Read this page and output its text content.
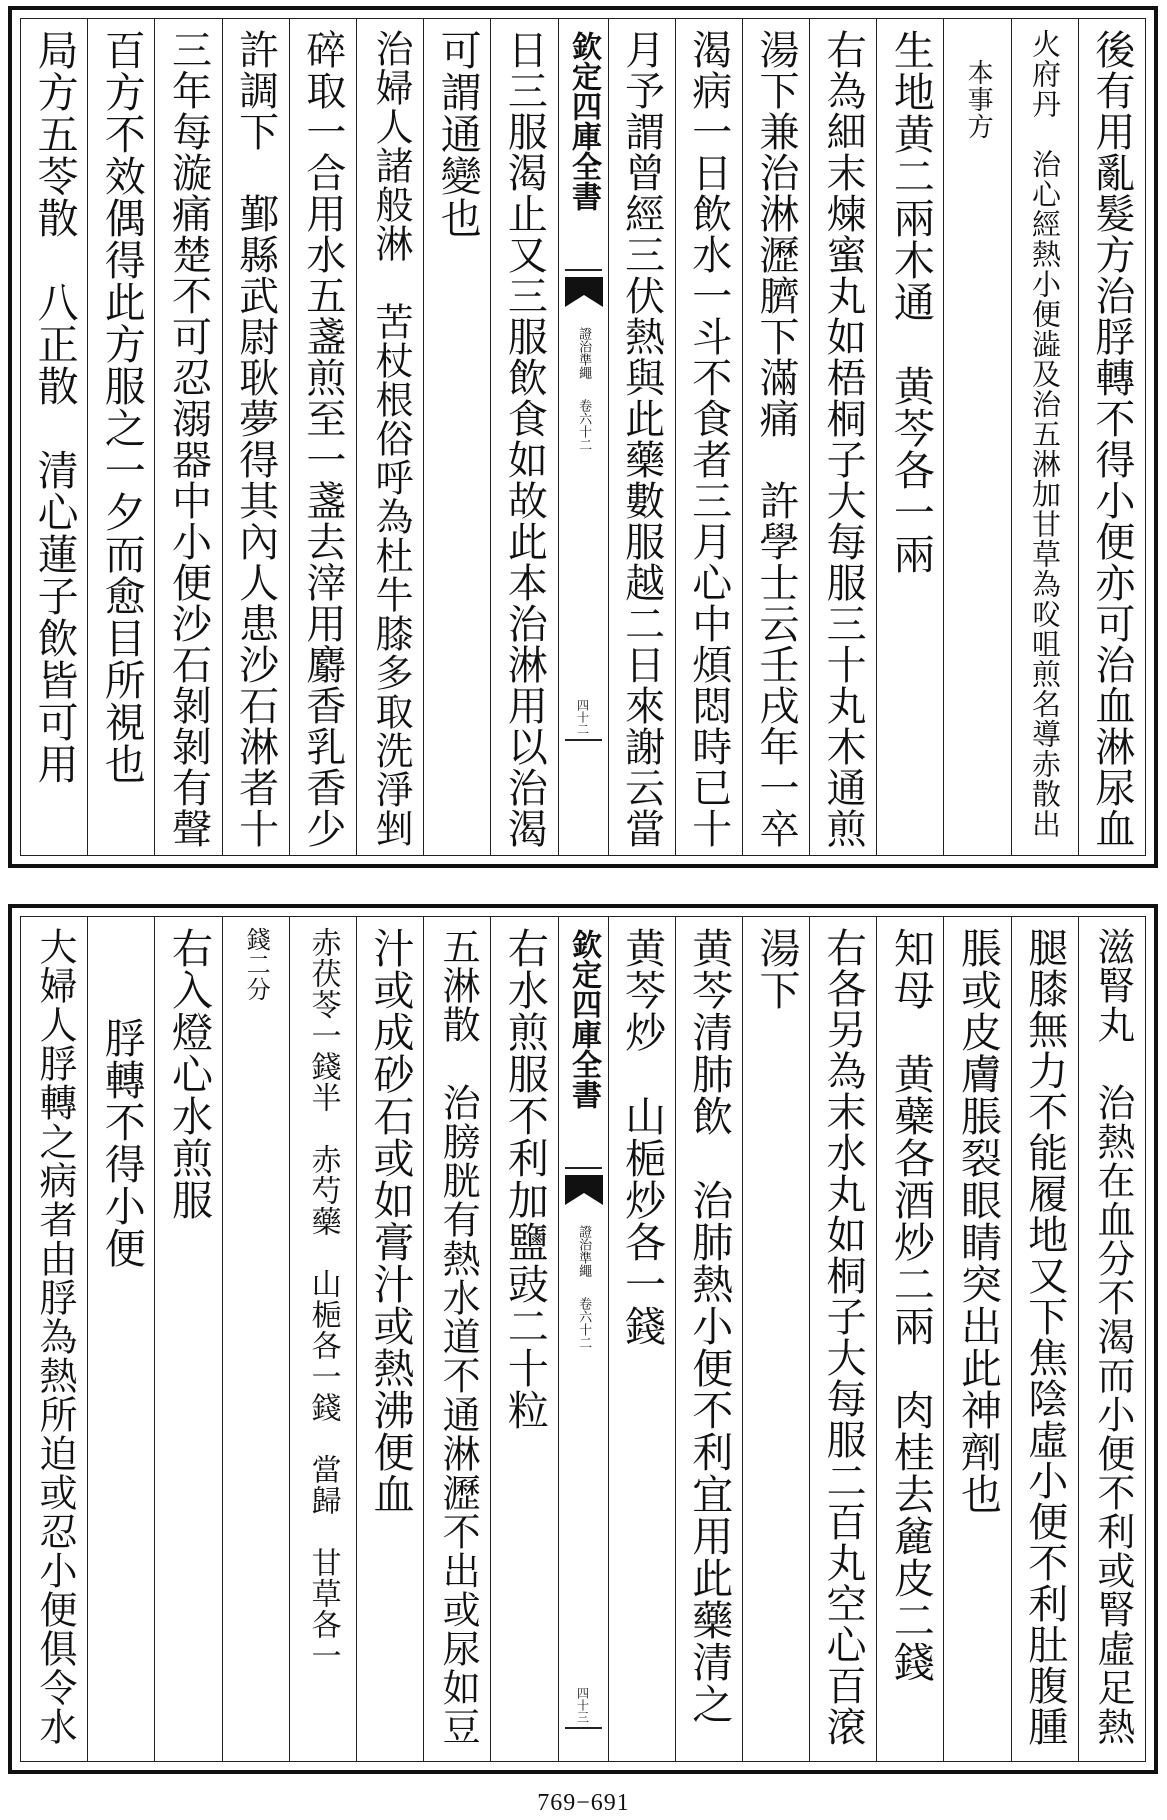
後有用亂髮方治脬轉不得小便亦可治血淋尿血
火府丹　治心經熱小便澁及治五淋加甘草為㕮咀煎名導赤散出
本事方
生地黄二兩木通　黄芩各一兩
右為細末煉蜜丸如梧桐子大每服三十丸木通煎
湯下兼治淋瀝臍下滿痛　許學士云壬戌年一卒
渴病一日飲水一斗不食者三月心中煩悶時已十
月予謂曾經三伏熱與此藥數服越二日來謝云當
欽定四庫全書
證治準繩
卷六十二
四十二
日三服渴止又三服飲食如故此本治淋用以治渴
可謂通變也
治婦人諸般淋　苦杖根俗呼為杜牛膝多取洗淨剉
碎取一合用水五盞煎至一盞去滓用麝香乳香少
許調下　鄞縣武尉耿夢得其內人患沙石淋者十
三年每漩痛楚不可忍溺器中小便沙石剝剝有聲
百方不效偶得此方服之一夕而愈目所視也
局方五苓散　八正散　清心蓮子飲皆可用
滋腎丸　治熱在血分不渴而小便不利或腎虛足熱
腿膝無力不能履地又下焦陰虛小便不利肚腹腫
脹或皮膚脹裂眼睛突出此神劑也
知母　黄蘗各酒炒二兩　肉桂去麄皮二錢
右各另為末水丸如桐子大每服二百丸空心百滾
湯下
黄芩清肺飲　治肺熱小便不利宜用此藥清之
黄芩炒　山梔炒各一錢
欽定四庫全書
證治準繩
卷六十二
四十三
右水煎服不利加鹽豉二十粒
五淋散　治膀胱有熱水道不通淋瀝不出或尿如豆
汁或成砂石或如膏汁或熱沸便血
赤茯苓一錢半　赤芍藥　山梔各一錢　當歸　甘草各一
錢二分
右入燈心水煎服
脬轉不得小便
大婦人脬轉之病者由脬為熱所迫或忍小便俱令水
769−691
